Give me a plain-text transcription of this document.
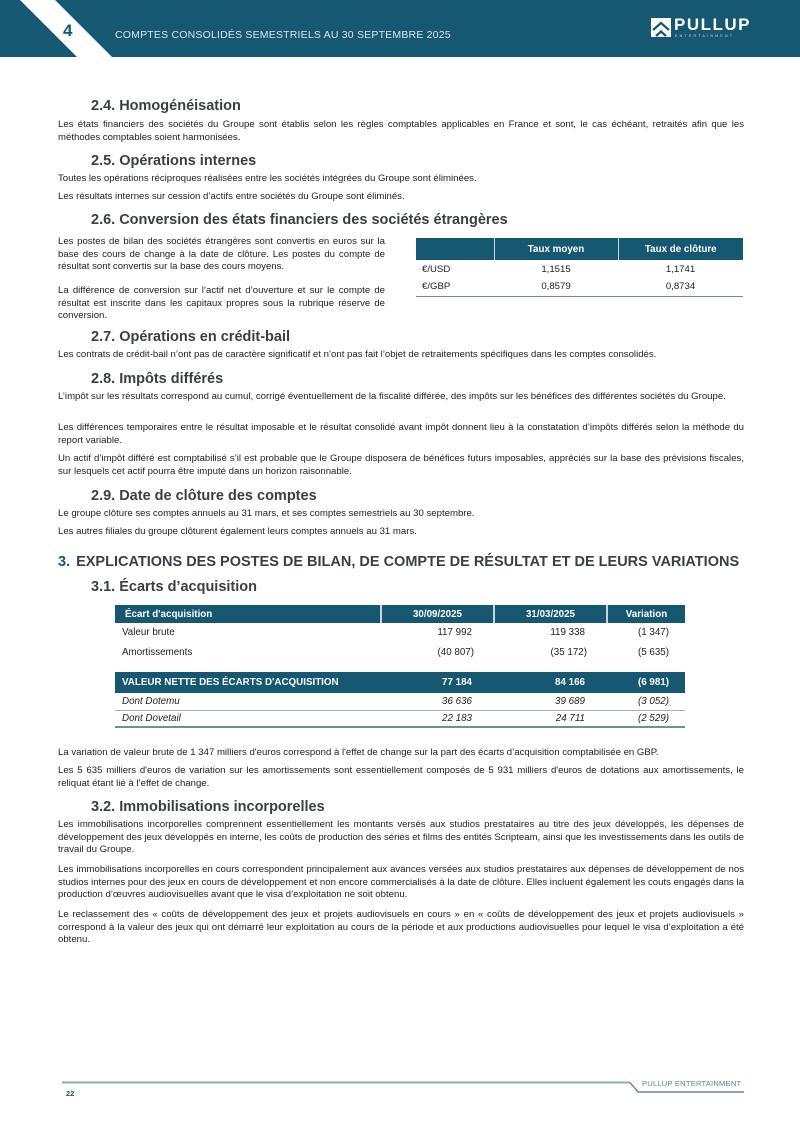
4	COMPTES CONSOLIDÉS SEMESTRIELS AU 30 SEPTEMBRE 2025
PULLUP
ENTERTAINMENT
2.4. Homogénéisation

Les états financiers des sociétés du Groupe sont établis selon les règles comptables applicables en France et sont, le cas échéant, retraités afin que les méthodes comptables soient harmonisées.

2.5. Opérations internes

Toutes les opérations réciproques réalisées entre les sociétés intégrées du Groupe sont éliminées.

Les résultats internes sur cession d’actifs entre sociétés du Groupe sont éliminés.

2.6. Conversion des états financiers des sociétés étrangères

Les postes de bilan des sociétés étrangères sont convertis en euros sur la base des cours de change à la date de clôture. Les postes du compte de résultat sont convertis sur la base des cours moyens.

La différence de conversion sur l’actif net d’ouverture et sur le compte de résultat est inscrite dans les capitaux propres sous la rubrique réserve de conversion.

	Taux moyen	Taux de clôture
€/USD	1,1515	1,1741
€/GBP	0,8579	0,8734
2.7. Opérations en crédit-bail

Les contrats de crédit-bail n’ont pas de caractère significatif et n’ont pas fait l’objet de retraitements spécifiques dans les comptes consolidés.

2.8. Impôts différés

L’impôt sur les résultats correspond au cumul, corrigé éventuellement de la fiscalité différée, des impôts sur les bénéfices des différentes sociétés du Groupe.

Les différences temporaires entre le résultat imposable et le résultat consolidé avant impôt donnent lieu à la constatation d’impôts différés selon la méthode du report variable.

Un actif d’impôt différé est comptabilisé s’il est probable que le Groupe disposera de bénéfices futurs imposables, appréciés sur la base des prévisions fiscales, sur lesquels cet actif pourra être imputé dans un horizon raisonnable.

2.9. Date de clôture des comptes

Le groupe clôture ses comptes annuels au 31 mars, et ses comptes semestriels au 30 septembre.

Les autres filiales du groupe clôturent également leurs comptes annuels au 31 mars.

3. EXPLICATIONS DES POSTES DE BILAN, DE COMPTE DE RÉSULTAT ET DE LEURS VARIATIONS
3.1. Écarts d’acquisition
Écart d'acquisition	30/09/2025	31/03/2025	Variation
Valeur brute	117 992	119 338	(1 347)
Amortissements	(40 807)	(35 172)	(5 635)

VALEUR NETTE DES ÉCARTS D'ACQUISITION	77 184	84 166	(6 981)
Dont Dotemu	36 636	39 689	(3 052)
Dont Dovetail	22 183	24 711	(2 529)

La variation de valeur brute de 1 347 milliers d'euros correspond à l'effet de change sur la part des écarts d’acquisition comptabilisée en GBP.

Les 5 635 milliers d'euros de variation sur les amortissements sont essentiellement composés de 5 931 milliers d'euros de dotations aux amortissements, le reliquat étant lié à l’effet de change.

3.2. Immobilisations incorporelles

Les immobilisations incorporelles comprennent essentiellement les montants versés aux studios prestataires au titre des jeux développés, les dépenses de développement des jeux développés en interne, les coûts de production des séries et films des entités Scripteam, ainsi que les investissements dans les outils de travail du Groupe.

Les immobilisations incorporelles en cours correspondent principalement aux avances versées aux studios prestataires aux dépenses de développement de nos studios internes pour des jeux en cours de développement et non encore commercialisés à la date de clôture. Elles incluent également les couts engagés dans la production d’œuvres audiovisuelles avant que le visa d’exploitation ne soit obtenu.

Le reclassement des « coûts de développement des jeux et projets audiovisuels en cours » en « coûts de développement des jeux et projets audiovisuels » correspond à la valeur des jeux qui ont démarré leur exploitation au cours de la période et aux productions audiovisuelles pour lequel le visa d’exploitation a été obtenu.

PULLUP ENTERTAINMENT
22
